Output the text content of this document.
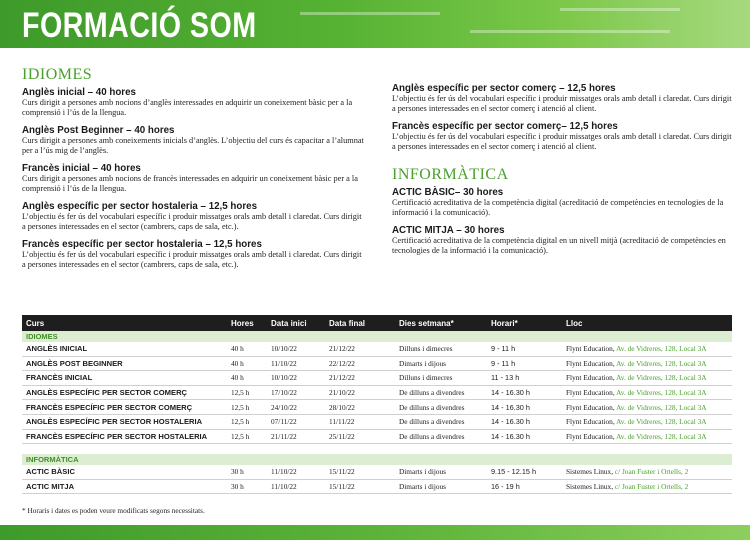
FORMACIÓ SOM
IDIOMES
Anglès inicial – 40 hores
Curs dirigit a persones amb nocions d’anglès interessades en adquirir un coneixement bàsic per a la comprensió i l’ús de la llengua.
Anglès Post Beginner – 40 hores
Curs dirigit a persones amb coneixements inicials d’anglès. L’objectiu del curs és capacitar a l’alumnat per a l’ús mig de l’anglès.
Francès inicial – 40 hores
Curs dirigit a persones amb nocions de francès interessades en adquirir un coneixement bàsic per a la comprensió i l’ús de la llengua.
Anglès específic per sector hostaleria – 12,5 hores
L’objectiu és fer ús del vocabulari específic i produir missatges orals amb detall i claredat. Curs dirigit a persones interessades en el sector (cambrers, caps de sala, etc.).
Francès específic per sector hostaleria – 12,5 hores
L’objectiu és fer ús del vocabulari específic i produir missatges orals amb detall i claredat. Curs dirigit a persones interessades en el sector (cambrers, caps de sala, etc.).
Anglès específic per sector comerç – 12,5 hores
L’objectiu és fer ús del vocabulari específic i produir missatges orals amb detall i claredat. Curs dirigit a persones interessades en el sector comerç i atenció al client.
Francès específic per sector comerç– 12,5 hores
L’objectiu és fer ús del vocabulari específic i produir missatges orals amb detall i claredat. Curs dirigit a persones interessades en el sector comerç i atenció al client.
INFORMÀTICA
ACTIC BÀSIC– 30 hores
Certificació acreditativa de la competència digital (acreditació de competències en tecnologies de la informació i la comunicació).
ACTIC MITJA – 30 hores
Certificació acreditativa de la competència digital en un nivell mitjà (acreditació de competències en tecnologies de la informació i la comunicació).
Curs	Hores	Data inici	Data final	Dies setmana*	Horari*	Lloc
IDIOMES						
ANGLÈS INICIAL	40 h	10/10/22	21/12/22	Dilluns i dimecres	9 - 11 h	Flynt Education, Av. de Vidreres, 128, Local 3A
ANGLÈS POST BEGINNER	40 h	11/10/22	22/12/22	Dimarts i dijous	9 - 11 h	Flynt Education, Av. de Vidreres, 128, Local 3A
FRANCÈS INICIAL	40 h	10/10/22	21/12/22	Dilluns i dimecres	11 - 13 h	Flynt Education, Av. de Vidreres, 128, Local 3A
ANGLÈS ESPECÍFIC PER SECTOR COMERÇ	12,5 h	17/10/22	21/10/22	De dilluns a divendres	14 - 16.30 h	Flynt Education, Av. de Vidreres, 128, Local 3A
FRANCÈS ESPECÍFIC PER SECTOR COMERÇ	12,5 h	24/10/22	28/10/22	De dilluns a divendres	14 - 16.30 h	Flynt Education, Av. de Vidreres, 128, Local 3A
ANGLÈS ESPECÍFIC PER SECTOR HOSTALERIA	12,5 h	07/11/22	11/11/22	De dilluns a divendres	14 - 16.30 h	Flynt Education, Av. de Vidreres, 128, Local 3A
FRANCÈS ESPECÍFIC PER SECTOR HOSTALERIA	12,5 h	21/11/22	25/11/22	De dilluns a divendres	14 - 16.30 h	Flynt Education, Av. de Vidreres, 128, Local 3A

INFORMÀTICA						
ACTIC BÀSIC	30 h	11/10/22	15/11/22	Dimarts i dijous	9.15 - 12.15 h	Sistemes Linux, c/ Joan Fuster i Ortells, 2
ACTIC MITJA	30 h	11/10/22	15/11/22	Dimarts i dijous	16 - 19 h	Sistemes Linux, c/ Joan Fuster i Ortells, 2
* Horaris i dates es poden veure modificats segons necessitats.
